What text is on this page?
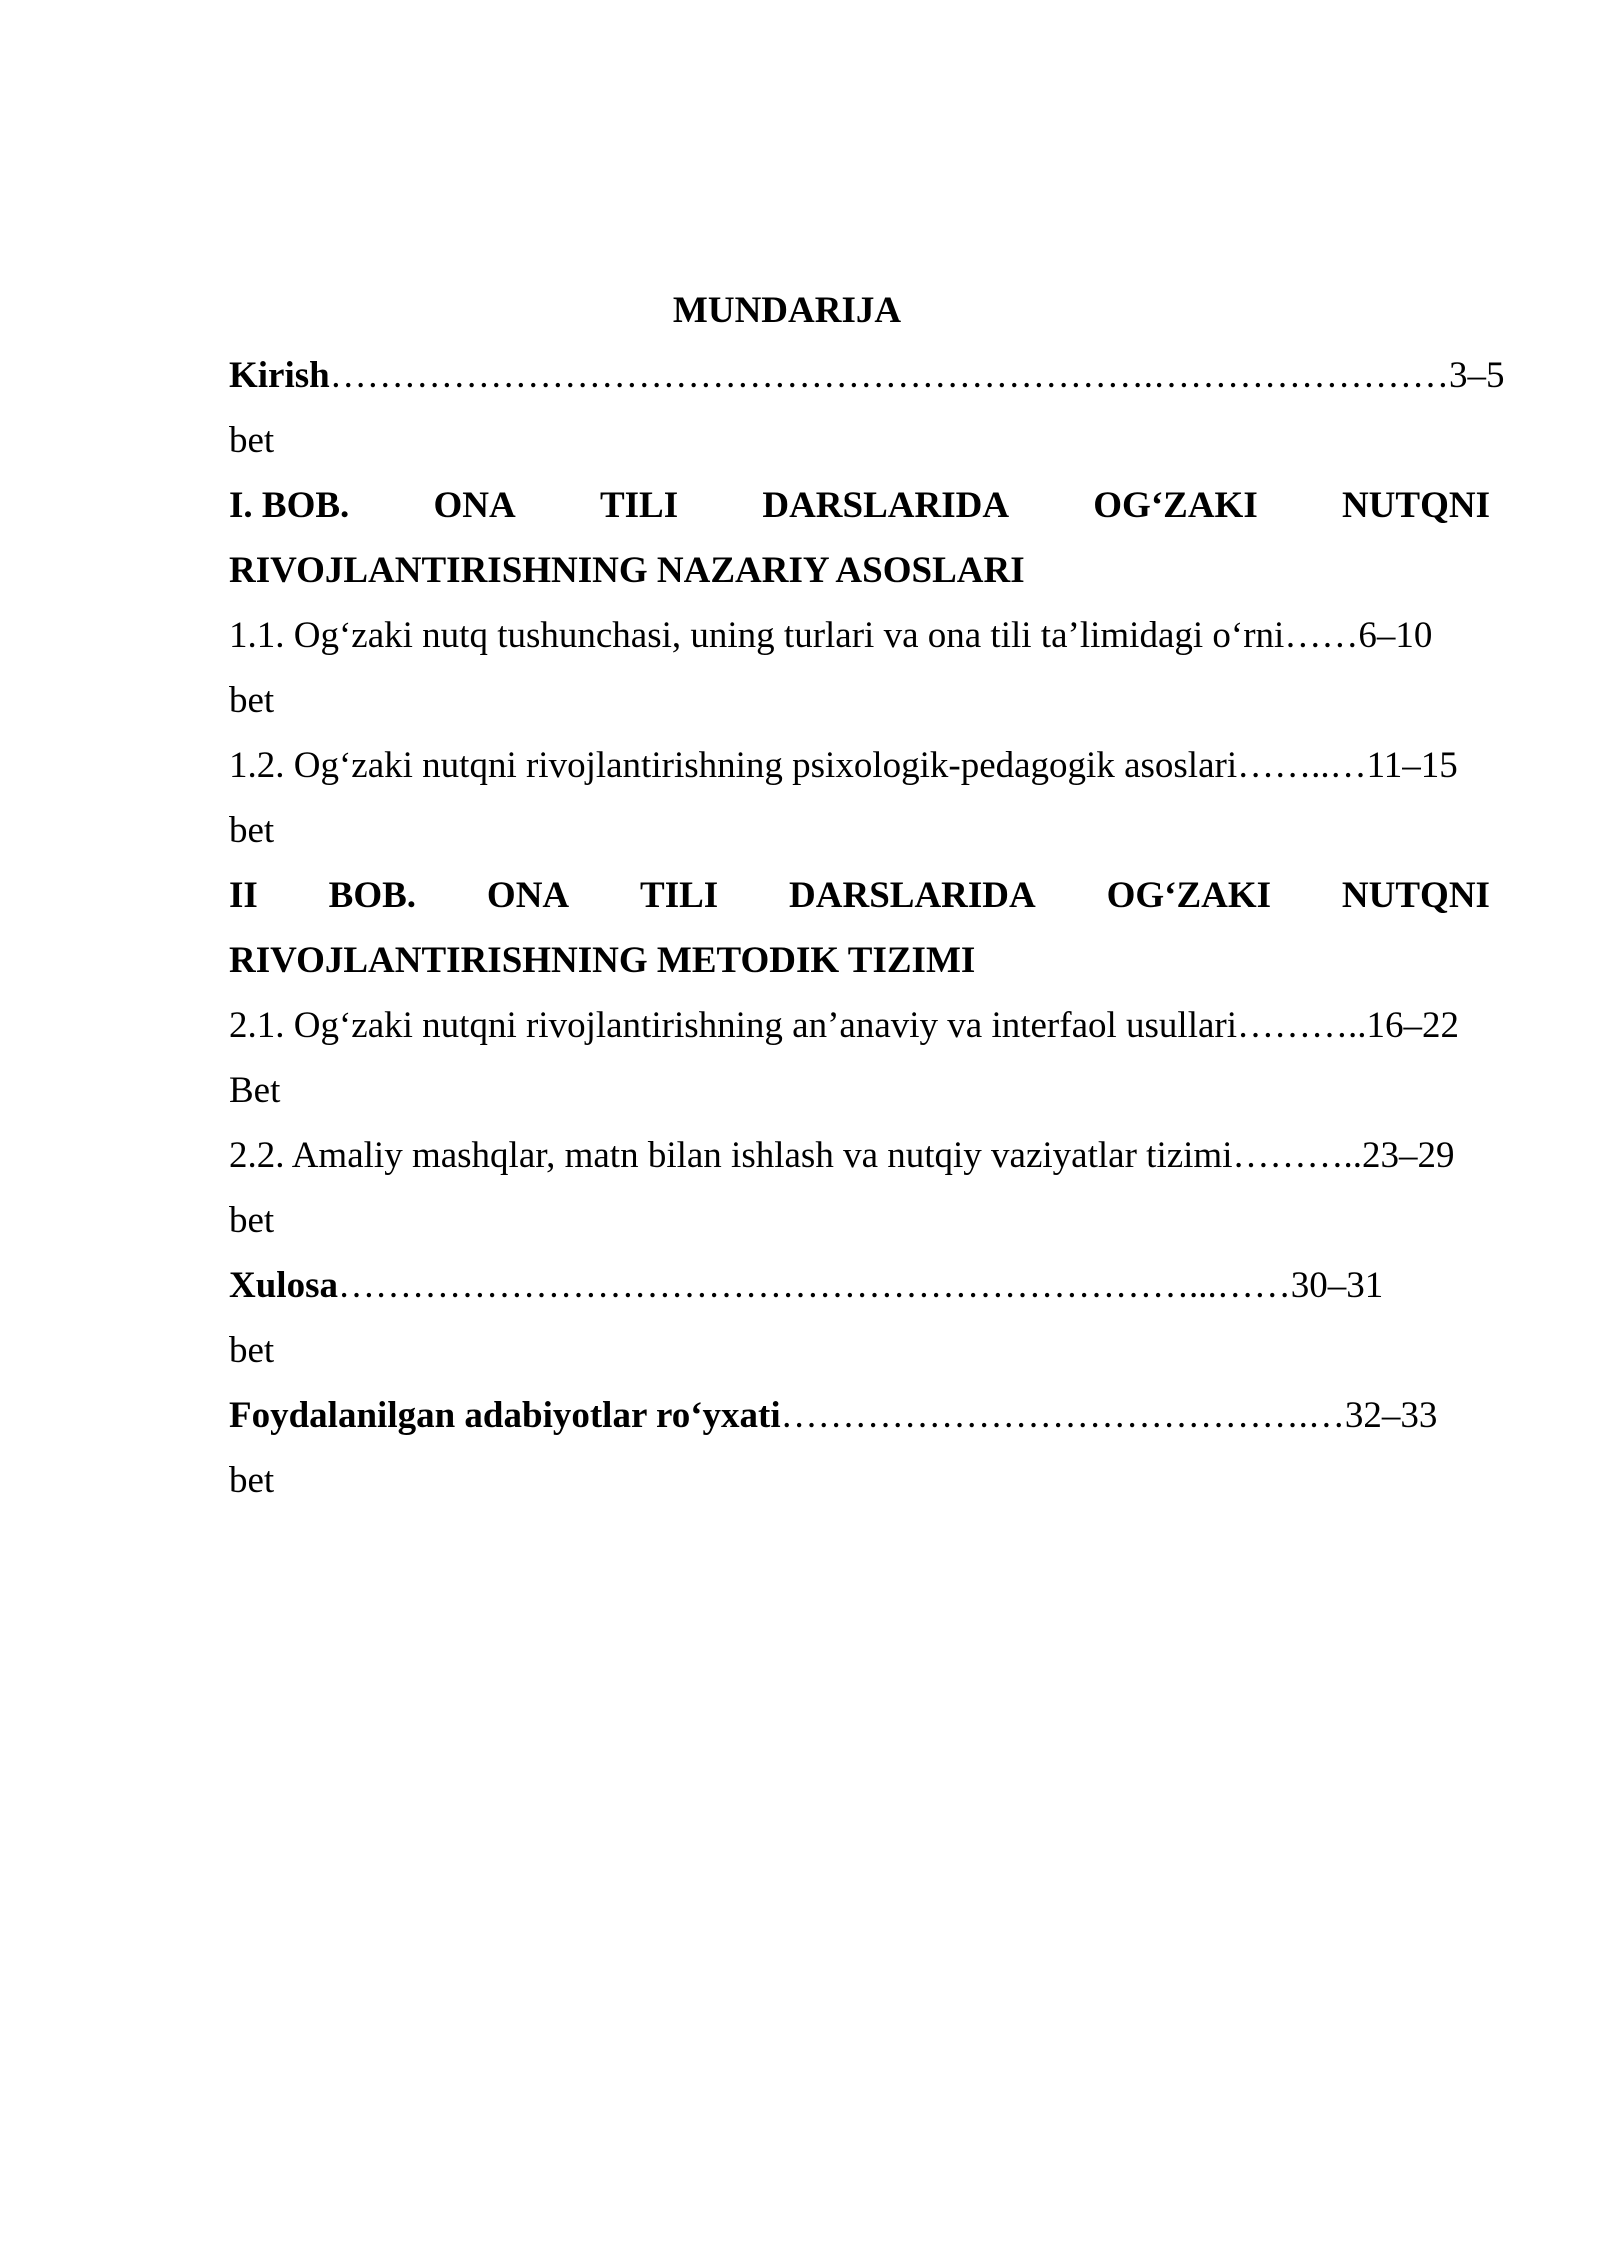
MUNDARIJA
Kirish………………………………………………………….……………………3–5
bet
I. BOB. ONA TILI DARSLARIDA OG‘ZAKI NUTQNI
RIVOJLANTIRISHNING NAZARIY ASOSLARI
1.1. Og‘zaki nutq tushunchasi, uning turlari va ona tili ta’limidagi o‘rni……6–10
bet
1.2. Og‘zaki nutqni rivojlantirishning psixologik-pedagogik asoslari……..…11–15
bet
II BOB. ONA TILI DARSLARIDA OG‘ZAKI NUTQNI
RIVOJLANTIRISHNING METODIK TIZIMI
2.1. Og‘zaki nutqni rivojlantirishning an’anaviy va interfaol usullari………..16–22
Bet
2.2. Amaliy mashqlar, matn bilan ishlash va nutqiy vaziyatlar tizimi………..23–29
bet
Xulosa……………………………………………………………...……30–31
bet
Foydalanilgan adabiyotlar ro‘yxati…………………………………….…32–33
bet
